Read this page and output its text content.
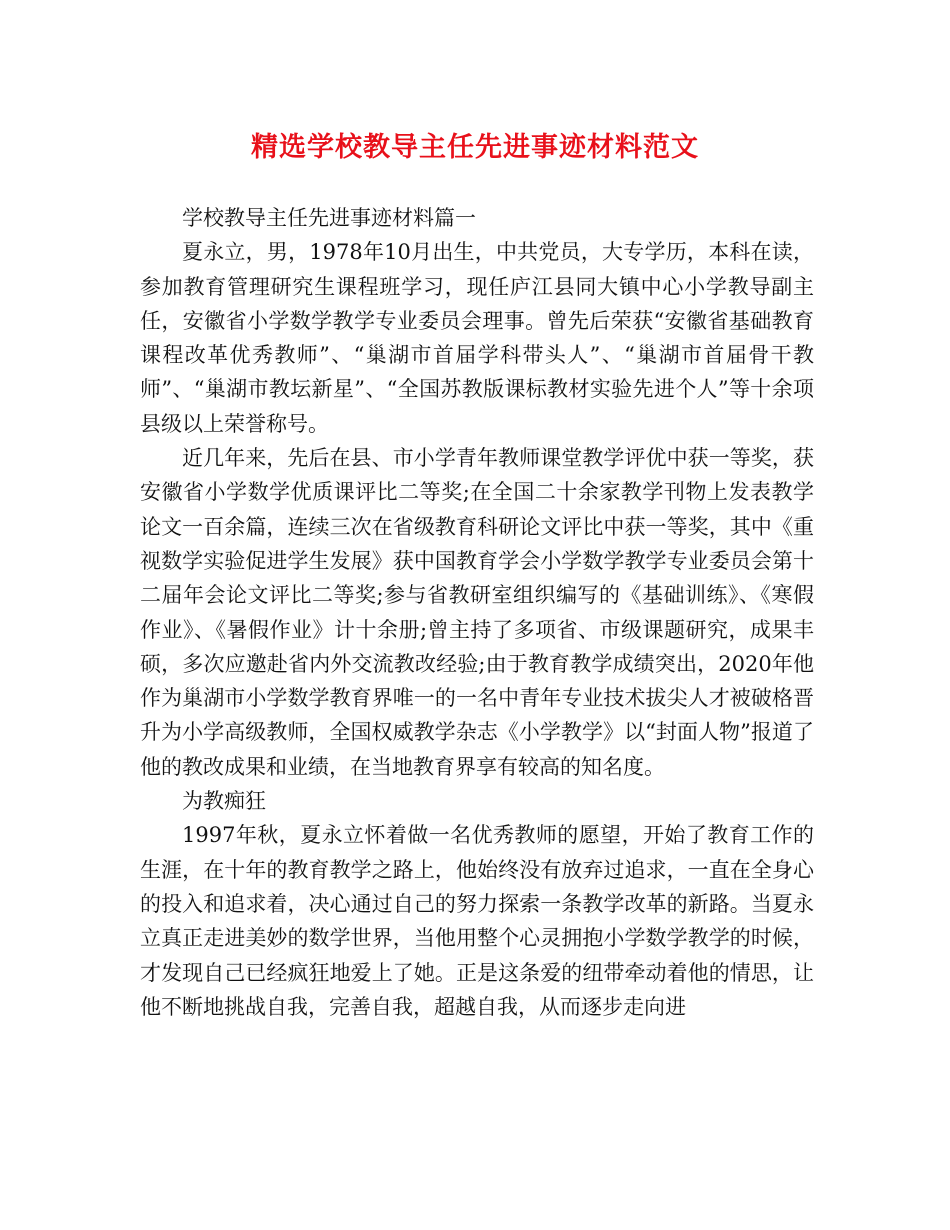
精选学校教导主任先进事迹材料范文

学校教导主任先进事迹材料篇一

夏永立，男，1978年10月出生，中共党员，大专学历，本科在读，参加教育管理研究生课程班学习，现任庐江县同大镇中心小学教导副主任，安徽省小学数学教学专业委员会理事。曾先后荣获“安徽省基础教育课程改革优秀教师”、“巢湖市首届学科带头人”、“巢湖市首届骨干教师”、“巢湖市教坛新星”、“全国苏教版课标教材实验先进个人”等十余项县级以上荣誉称号。

近几年来，先后在县、市小学青年教师课堂教学评优中获一等奖，获安徽省小学数学优质课评比二等奖;在全国二十余家教学刊物上发表教学论文一百余篇，连续三次在省级教育科研论文评比中获一等奖，其中《重视数学实验促进学生发展》获中国教育学会小学数学教学专业委员会第十二届年会论文评比二等奖;参与省教研室组织编写的《基础训练》、《寒假作业》、《暑假作业》计十余册;曾主持了多项省、市级课题研究，成果丰硕，多次应邀赴省内外交流教改经验;由于教育教学成绩突出，2020年他作为巢湖市小学数学教育界唯一的一名中青年专业技术拔尖人才被破格晋升为小学高级教师，全国权威教学杂志《小学教学》以“封面人物”报道了他的教改成果和业绩，在当地教育界享有较高的知名度。

为教痴狂

1997年秋，夏永立怀着做一名优秀教师的愿望，开始了教育工作的生涯，在十年的教育教学之路上，他始终没有放弃过追求，一直在全身心的投入和追求着，决心通过自己的努力探索一条教学改革的新路。当夏永立真正走进美妙的数学世界，当他用整个心灵拥抱小学数学教学的时候，才发现自己已经疯狂地爱上了她。正是这条爱的纽带牵动着他的情思，让他不断地挑战自我，完善自我，超越自我，从而逐步走向进
